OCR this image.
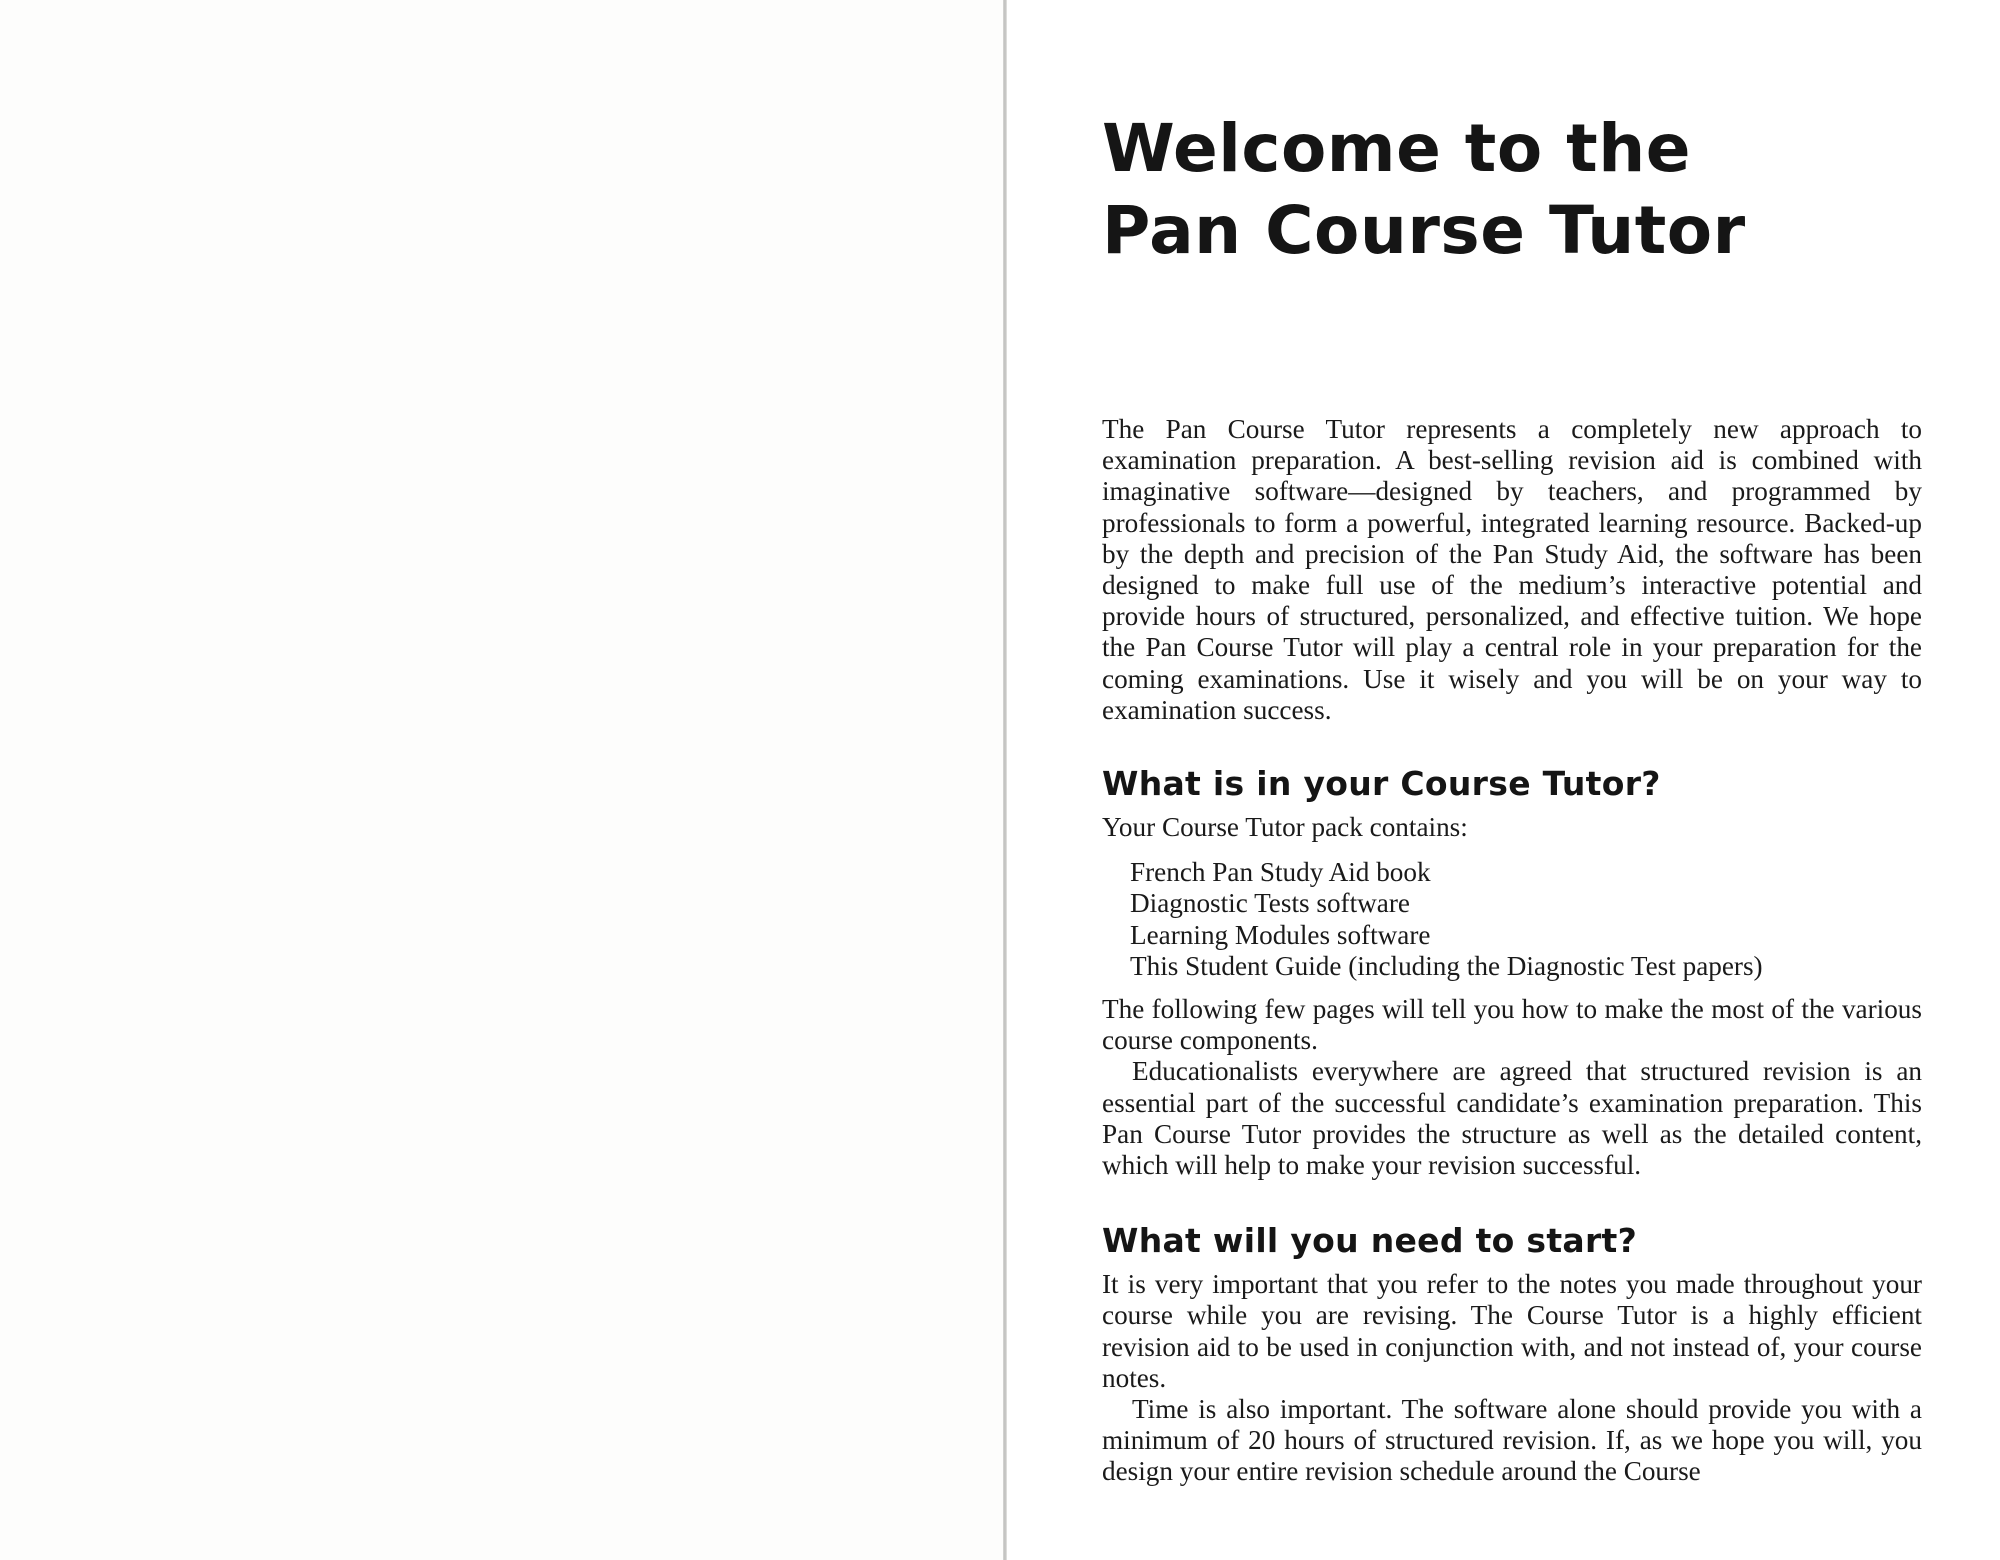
Welcome to the
Pan Course Tutor

The Pan Course Tutor represents a completely new approach to examination preparation. A best-selling revision aid is combined with imaginative software—designed by teachers, and programmed by professionals to form a powerful, integrated learning resource. Backed-up by the depth and precision of the Pan Study Aid, the software has been designed to make full use of the medium’s interactive potential and provide hours of structured, personalized, and effective tuition. We hope the Pan Course Tutor will play a central role in your preparation for the coming examinations. Use it wisely and you will be on your way to examination success.

What is in your Course Tutor?

Your Course Tutor pack contains:

French Pan Study Aid book
Diagnostic Tests software
Learning Modules software
This Student Guide (including the Diagnostic Test papers)

The following few pages will tell you how to make the most of the various course components.

Educationalists everywhere are agreed that structured revision is an essential part of the successful candidate’s examination preparation. This Pan Course Tutor provides the structure as well as the detailed content, which will help to make your revision successful.

What will you need to start?

It is very important that you refer to the notes you made throughout your course while you are revising. The Course Tutor is a highly efficient revision aid to be used in conjunction with, and not instead of, your course notes.

Time is also important. The software alone should provide you with a minimum of 20 hours of structured revision. If, as we hope you will, you design your entire revision schedule around the Course
